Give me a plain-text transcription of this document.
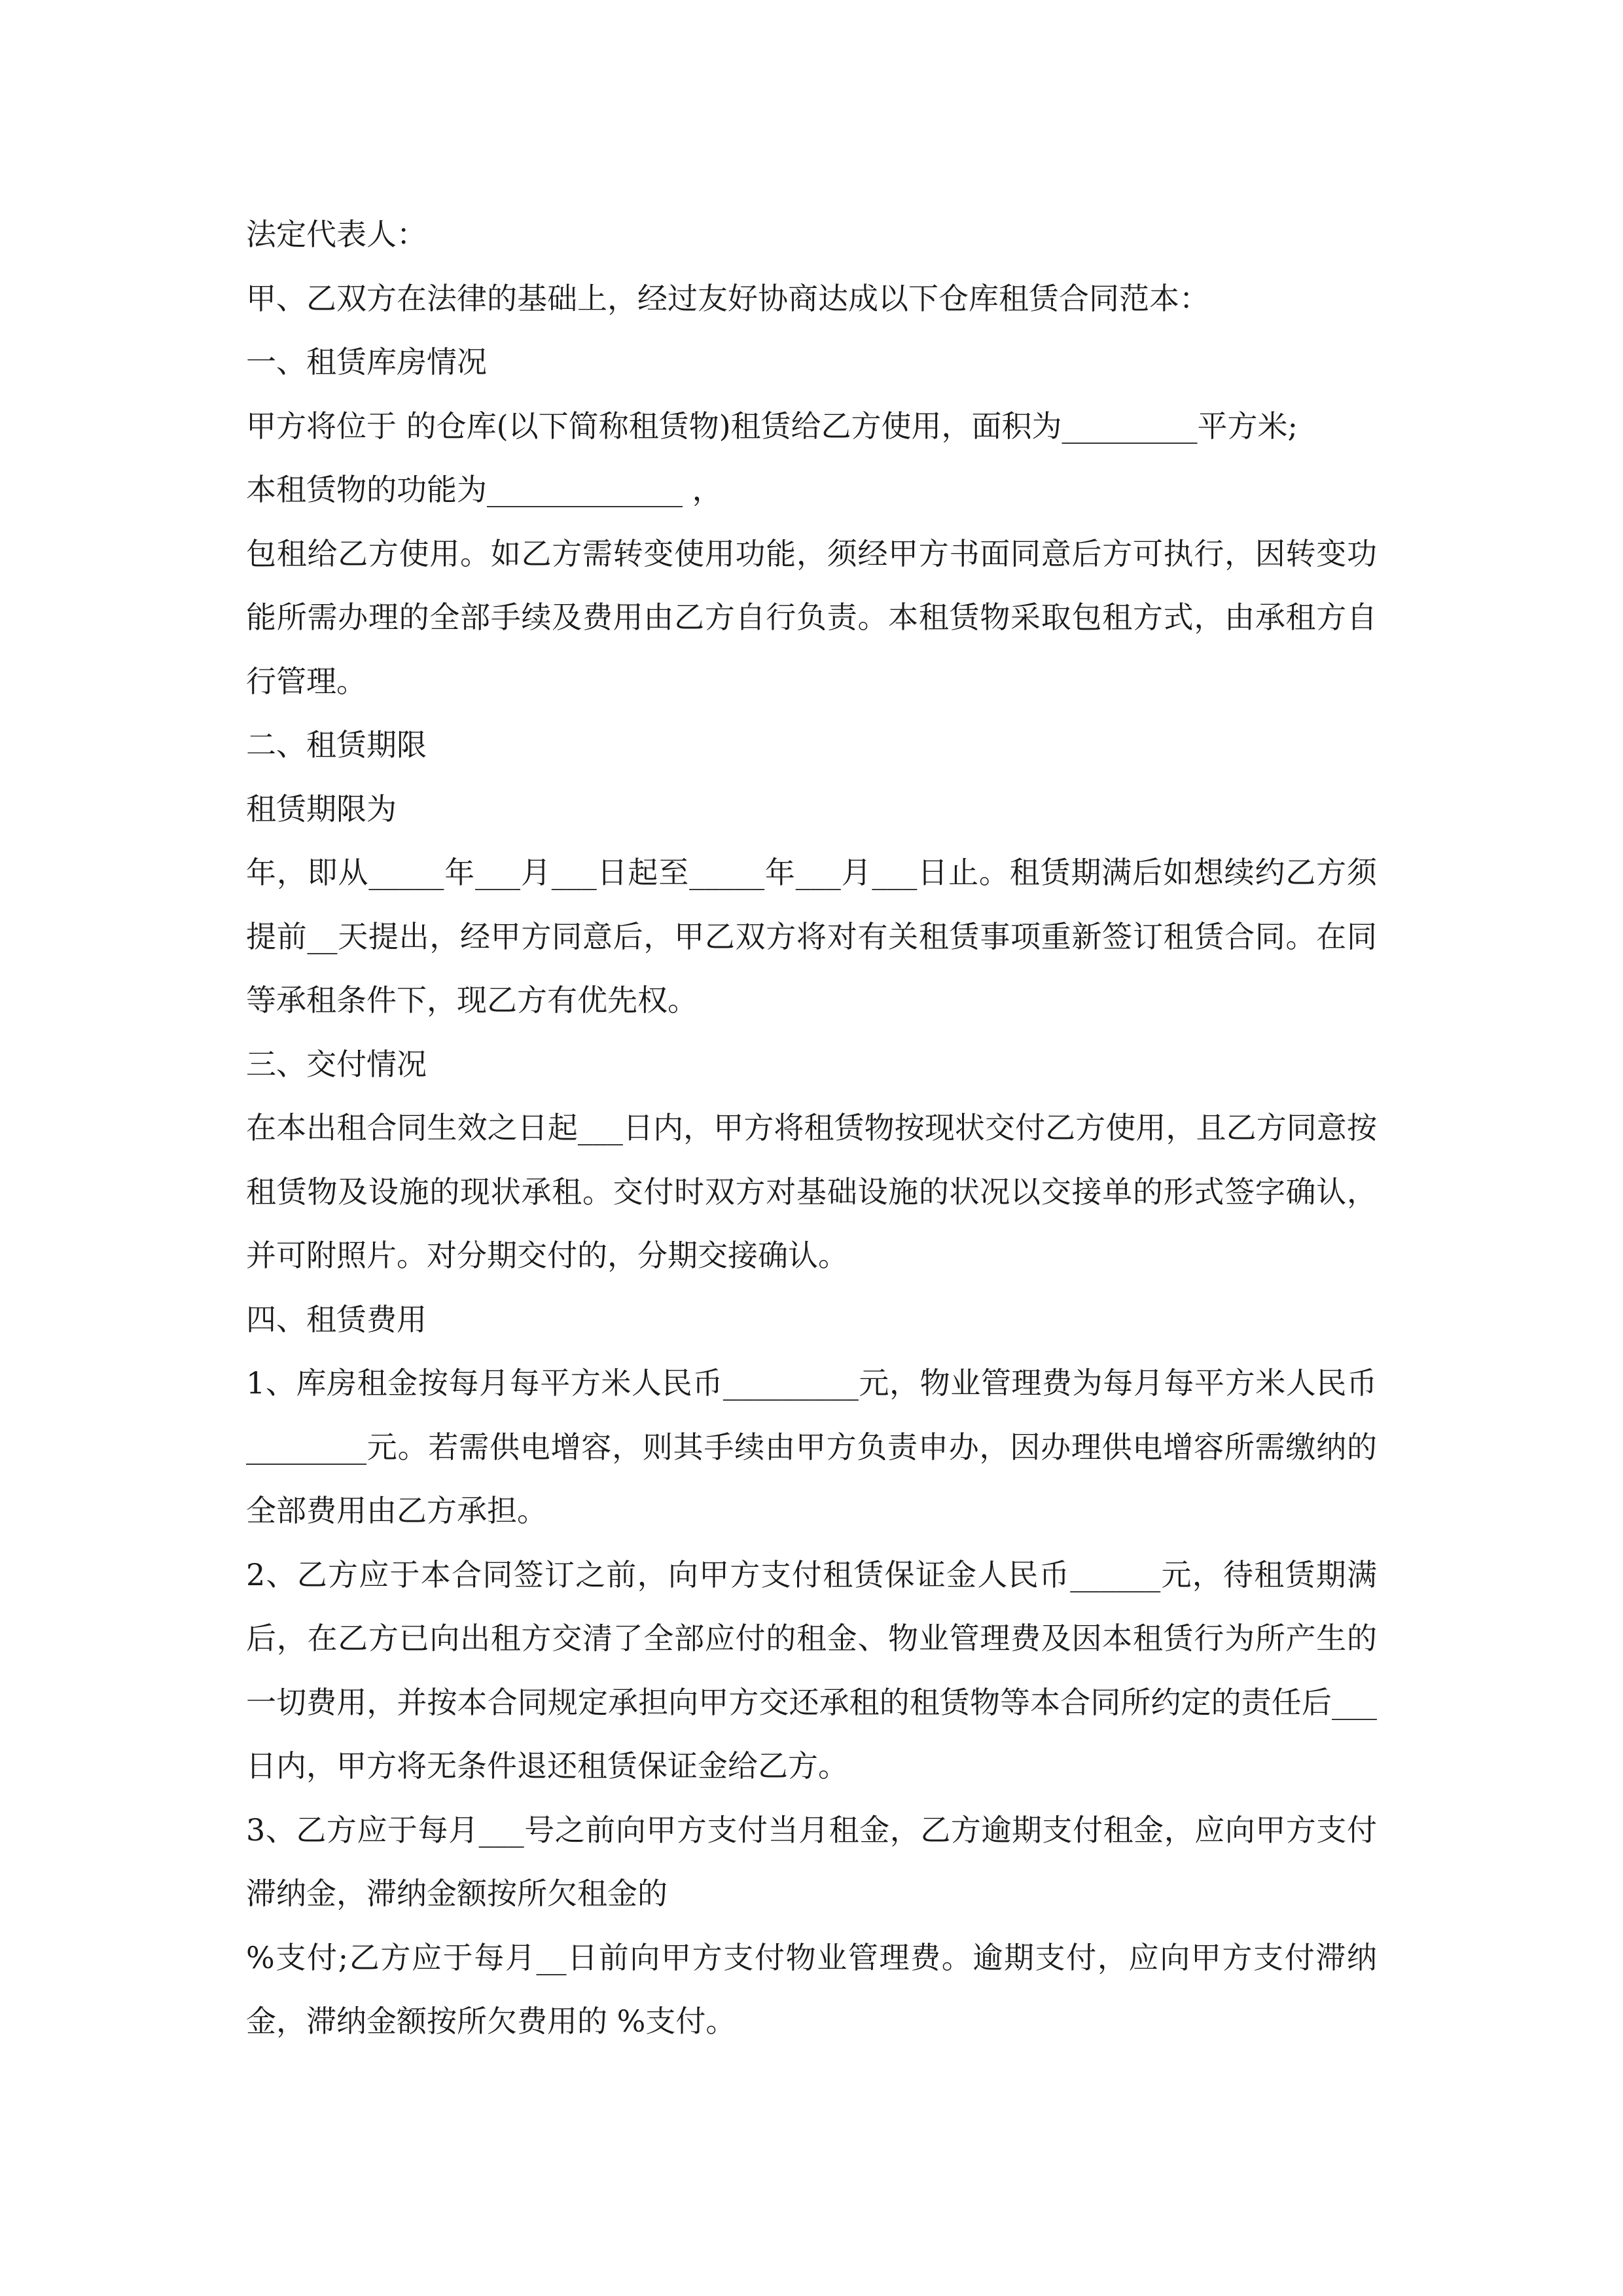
法定代表人：

甲、乙双方在法律的基础上，经过友好协商达成以下仓库租赁合同范本：

一、租赁库房情况

甲方将位于 的仓库(以下简称租赁物)租赁给乙方使用，面积为_________平方米;

本租赁物的功能为_____________ ，

包租给乙方使用。如乙方需转变使用功能，须经甲方书面同意后方可执行，因转变功能所需办理的全部手续及费用由乙方自行负责。本租赁物采取包租方式，由承租方自行管理。

二、租赁期限

租赁期限为

年，即从_____年___月___日起至_____年___月___日止。租赁期满后如想续约乙方须提前__天提出，经甲方同意后，甲乙双方将对有关租赁事项重新签订租赁合同。在同等承租条件下，现乙方有优先权。

三、交付情况

在本出租合同生效之日起___日内，甲方将租赁物按现状交付乙方使用，且乙方同意按租赁物及设施的现状承租。交付时双方对基础设施的状况以交接单的形式签字确认，并可附照片。对分期交付的，分期交接确认。

四、租赁费用

1、库房租金按每月每平方米人民币_________元，物业管理费为每月每平方米人民币________元。若需供电增容，则其手续由甲方负责申办，因办理供电增容所需缴纳的全部费用由乙方承担。

2、乙方应于本合同签订之前，向甲方支付租赁保证金人民币______元，待租赁期满后，在乙方已向出租方交清了全部应付的租金、物业管理费及因本租赁行为所产生的一切费用，并按本合同规定承担向甲方交还承租的租赁物等本合同所约定的责任后___日内，甲方将无条件退还租赁保证金给乙方。

3、乙方应于每月___号之前向甲方支付当月租金，乙方逾期支付租金，应向甲方支付滞纳金，滞纳金额按所欠租金的

%支付;乙方应于每月__日前向甲方支付物业管理费。逾期支付，应向甲方支付滞纳金，滞纳金额按所欠费用的 %支付。
